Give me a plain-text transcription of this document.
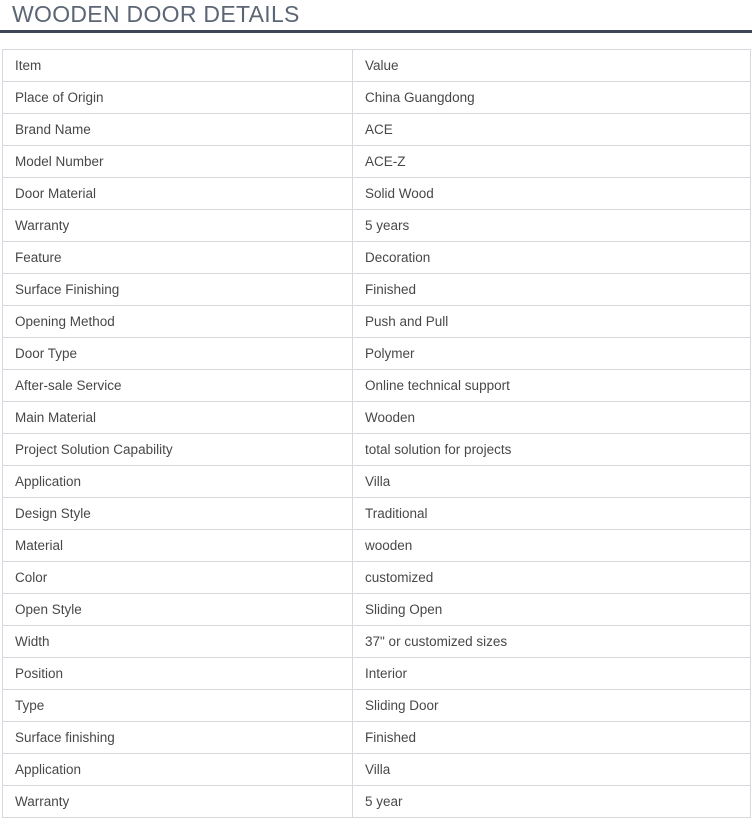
WOODEN DOOR DETAILS
Item	Value
Place of Origin	China Guangdong
Brand Name	ACE
Model Number	ACE-Z
Door Material	Solid Wood
Warranty	5 years
Feature	Decoration
Surface Finishing	Finished
Opening Method	Push and Pull
Door Type	Polymer
After-sale Service	Online technical support
Main Material	Wooden
Project Solution Capability	total solution for projects
Application	Villa
Design Style	Traditional
Material	wooden
Color	customized
Open Style	Sliding Open
Width	37" or customized sizes
Position	Interior
Type	Sliding Door
Surface finishing	Finished
Application	Villa
Warranty	5 year
